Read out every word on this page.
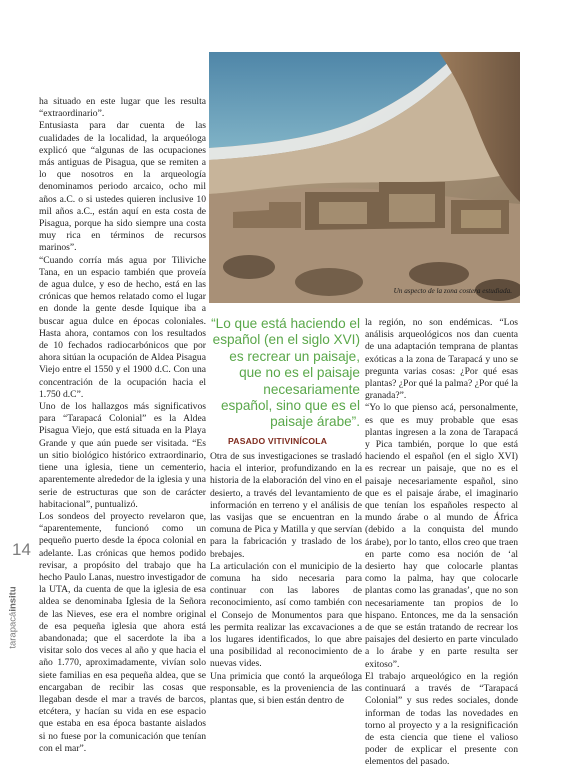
14
tarapacáinsitu

ha situado en este lugar que les resulta “extraordinario”.

Entusiasta para dar cuenta de las cualidades de la localidad, la arqueóloga explicó que “algunas de las ocupaciones más antiguas de Pisagua, que se remiten a lo que nosotros en la arqueología denominamos periodo arcaico, ocho mil años a.C. o si ustedes quieren inclusive 10 mil años a.C., están aquí en esta costa de Pisagua, porque ha sido siempre una costa muy rica en términos de recursos marinos”.

“Cuando corría más agua por Tiliviche Tana, en un espacio también que proveía de agua dulce, y eso de hecho, está en las crónicas que hemos relatado como el lugar en donde la gente desde Iquique iba a buscar agua dulce en épocas coloniales. Hasta ahora, contamos con los resultados de 10 fechados radiocarbónicos que por ahora sitúan la ocupación de Aldea Pisagua Viejo entre el 1550 y el 1900 d.C. Con una concentración de la ocupación hacia el 1.750 d.C”.

Uno de los hallazgos más significativos para “Tarapacá Colonial” es la Aldea Pisagua Viejo, que está situada en la Playa Grande y que aún puede ser visitada. “Es un sitio biológico histórico extraordinario, tiene una iglesia, tiene un cementerio, aparentemente alrededor de la iglesia y una serie de estructuras que son de carácter habitacional”, puntualizó.

Los sondeos del proyecto revelaron que, “aparentemente, funcionó como un pequeño puerto desde la época colonial en adelante. Las crónicas que hemos podido revisar, a propósito del trabajo que ha hecho Paulo Lanas, nuestro investigador de la UTA, da cuenta de que la iglesia de esa aldea se denominaba Iglesia de la Señora de las Nieves, ese era el nombre original de esa pequeña iglesia que ahora está abandonada; que el sacerdote la iba a visitar solo dos veces al año y que hacia el año 1.770, aproximadamente, vivían solo siete familias en esa pequeña aldea, que se encargaban de recibir las cosas que llegaban desde el mar a través de barcos, etcétera, y hacían su vida en ese espacio que estaba en esa época bastante aislados si no fuese por la comunicación que tenían con el mar”.

Un aspecto de la zona costera estudiada.
“Lo que está haciendo el español (en el siglo XVI) es recrear un paisaje, que no es el paisaje necesariamente español, sino que es el paisaje árabe”.
PASADO VITIVINÍCOLA

Otra de sus investigaciones se trasladó hacia el interior, profundizando en la historia de la elaboración del vino en el desierto, a través del levantamiento de información en terreno y el análisis de las vasijas que se encuentran en la comuna de Pica y Matilla y que servían para la fabricación y traslado de los brebajes.

La articulación con el municipio de la comuna ha sido necesaria para continuar con las labores de reconocimiento, así como también con el Consejo de Monumentos para que les permita realizar las excavaciones a los lugares identificados, lo que abre una posibilidad al reconocimiento de nuevas vides.

Una primicia que contó la arqueóloga responsable, es la proveniencia de las plantas que, si bien están dentro de

la región, no son endémicas. “Los análisis arqueológicos nos dan cuenta de una adaptación temprana de plantas exóticas a la zona de Tarapacá y uno se pregunta varias cosas: ¿Por qué esas plantas? ¿Por qué la palma? ¿Por qué la granada?”.

“Yo lo que pienso acá, personalmente, es que es muy probable que esas plantas ingresen a la zona de Tarapacá y Pica también, porque lo que está haciendo el español (en el siglo XVI) es recrear un paisaje, que no es el paisaje necesariamente español, sino que es el paisaje árabe, el imaginario que tenían los españoles respecto al mundo árabe o al mundo de África (debido a la conquista del mundo árabe), por lo tanto, ellos creo que traen en parte como esa noción de ‘al desierto hay que colocarle plantas como la palma, hay que colocarle plantas como las granadas’, que no son necesariamente tan propios de lo hispano. Entonces, me da la sensación de que se están tratando de recrear los paisajes del desierto en parte vinculado a lo árabe y en parte resulta ser exitoso”.

El trabajo arqueológico en la región continuará a través de “Tarapacá Colonial” y sus redes sociales, donde informan de todas las novedades en torno al proyecto y a la resignificación de esta ciencia que tiene el valioso poder de explicar el presente con elementos del pasado.
